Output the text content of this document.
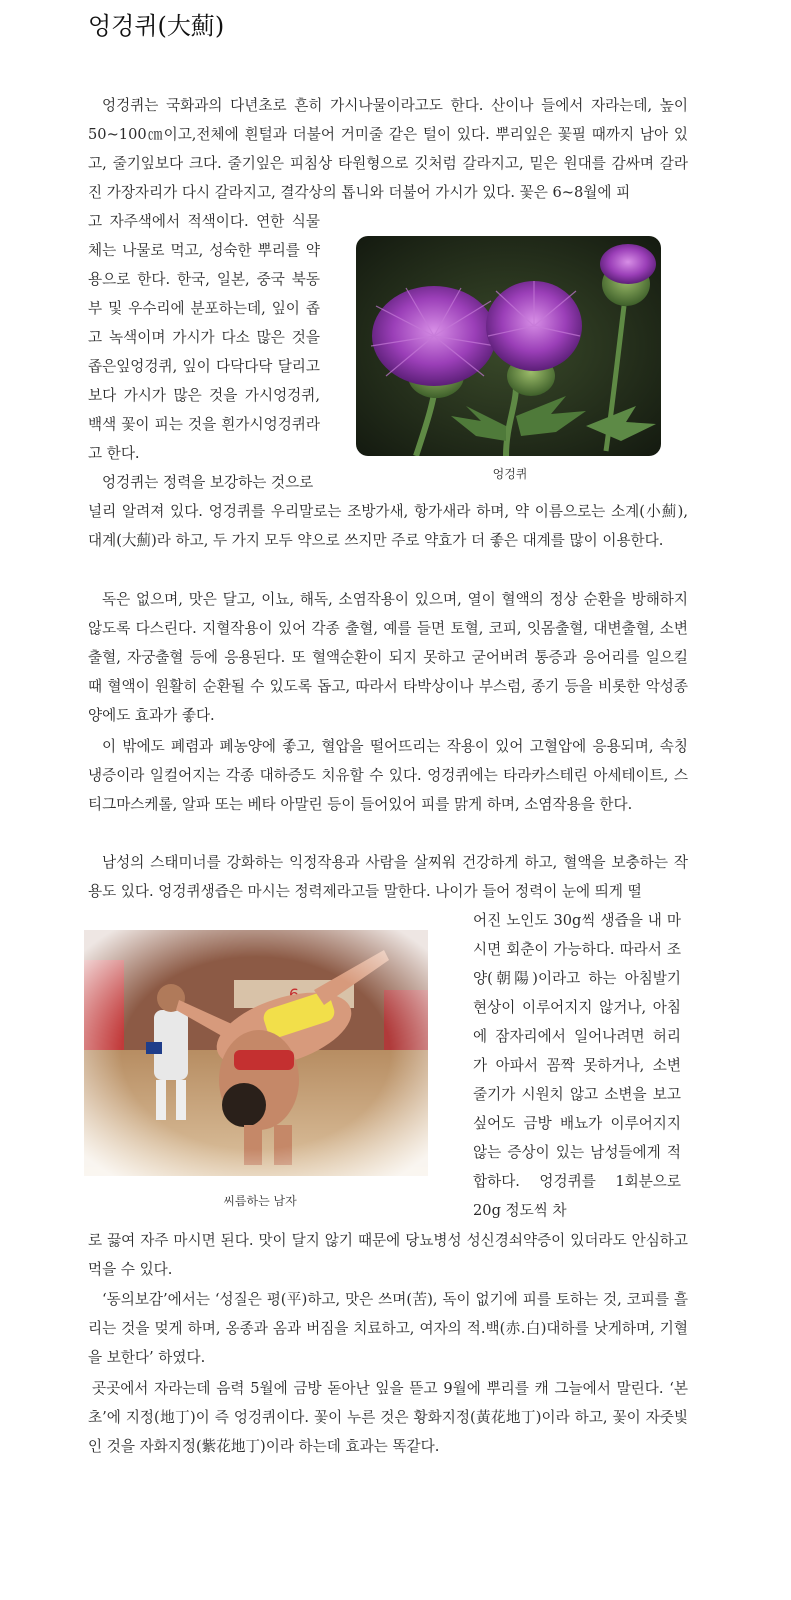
엉겅퀴(大薊)

엉겅퀴는 국화과의 다년초로 흔히 가시나물이라고도 한다. 산이나 들에서 자라는데, 높이 50~100㎝이고,전체에 흰털과 더불어 거미줄 같은 털이 있다. 뿌리잎은 꽃필 때까지 남아 있고, 줄기잎보다 크다. 줄기잎은 피침상 타원형으로 깃처럼 갈라지고, 밑은 원대를 감싸며 갈라진 가장자리가 다시 갈라지고, 결각상의 톱니와 더불어 가시가 있다. 꽃은 6~8월에 피

고 자주색에서 적색이다. 연한 식물체는 나물로 먹고, 성숙한 뿌리를 약용으로 한다. 한국, 일본, 중국 북동부 및 우수리에 분포하는데, 잎이 좁고 녹색이며 가시가 다소 많은 것을 좁은잎엉겅퀴, 잎이 다닥다닥 달리고 보다 가시가 많은 것을 가시엉겅퀴, 백색 꽃이 피는 것을 흰가시엉겅퀴라고 한다.

엉겅퀴는 정력을 보강하는 것으로

널리 알려져 있다. 엉겅퀴를 우리말로는 조방가새, 항가새라 하며, 약 이름으로는 소계(小薊), 대계(大薊)라 하고, 두 가지 모두 약으로 쓰지만 주로 약효가 더 좋은 대계를 많이 이용한다.

독은 없으며, 맛은 달고, 이뇨, 해독, 소염작용이 있으며, 열이 혈액의 정상 순환을 방해하지 않도록 다스린다. 지혈작용이 있어 각종 출혈, 예를 들면 토혈, 코피, 잇몸출혈, 대변출혈, 소변출혈, 자궁출혈 등에 응용된다. 또 혈액순환이 되지 못하고 굳어버려 통증과 응어리를 일으킬 때 혈액이 원활히 순환될 수 있도록 돕고, 따라서 타박상이나 부스럼, 종기 등을 비롯한 악성종양에도 효과가 좋다.

이 밖에도 폐렴과 폐농양에 좋고, 혈압을 떨어뜨리는 작용이 있어 고혈압에 응용되며, 속칭 냉증이라 일컬어지는 각종 대하증도 치유할 수 있다. 엉겅퀴에는 타라카스테린 아세테이트, 스티그마스케롤, 알파 또는 베타 아말린 등이 들어있어 피를 맑게 하며, 소염작용을 한다.

남성의 스태미너를 강화하는 익정작용과 사람을 살찌워 건강하게 하고, 혈액을 보충하는 작용도 있다. 엉겅퀴생즙은 마시는 정력제라고들 말한다. 나이가 들어 정력이 눈에 띄게 떨

어진 노인도 30g씩 생즙을 내 마시면 회춘이 가능하다. 따라서 조양(朝陽)이라고 하는 아침발기 현상이 이루어지지 않거나, 아침에 잠자리에서 일어나려면 허리가 아파서 꼼짝 못하거나, 소변 줄기가 시원치 않고 소변을 보고 싶어도 금방 배뇨가 이루어지지 않는 증상이 있는 남성들에게 적합하다. 엉겅퀴를 1회분으로 20g 정도씩 차

로 끓여 자주 마시면 된다. 맛이 달지 않기 때문에 당뇨병성 성신경쇠약증이 있더라도 안심하고 먹을 수 있다.

‘동의보감’에서는 ‘성질은 평(平)하고, 맛은 쓰며(苦), 독이 없기에 피를 토하는 것, 코피를 흘리는 것을 멎게 하며, 옹종과 옴과 버짐을 치료하고, 여자의 적.백(赤.白)대하를 낫게하며, 기혈을 보한다’ 하였다.

곳곳에서 자라는데 음력 5월에 금방 돋아난 잎을 뜯고 9월에 뿌리를 캐 그늘에서 말린다. ‘본초’에 지정(地丁)이 즉 엉겅퀴이다. 꽃이 누른 것은 황화지정(黃花地丁)이라 하고, 꽃이 자줏빛인 것을 자화지정(紫花地丁)이라 하는데 효과는 똑같다.

엉겅퀴
씨름하는 남자
